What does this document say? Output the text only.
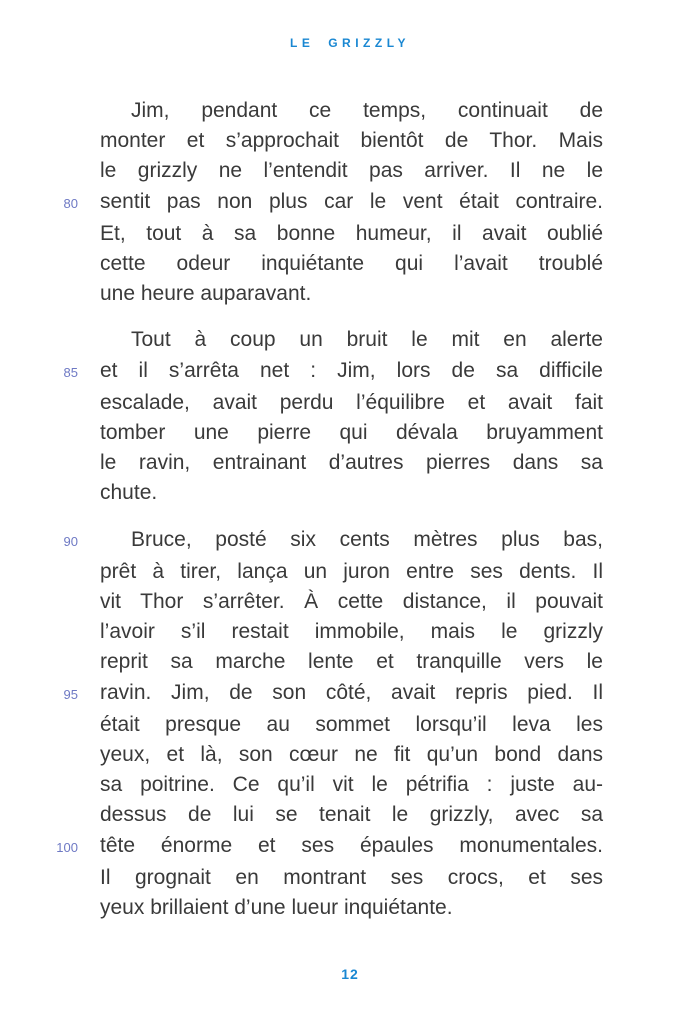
LE GRIZZLY
Jim, pendant ce temps, continuait de
monter et s’approchait bientôt de Thor. Mais
le grizzly ne l’entendit pas arriver. Il ne le
80	sentit pas non plus car le vent était contraire.
Et, tout à sa bonne humeur, il avait oublié
cette odeur inquiétante qui l’avait troublé
une heure auparavant.
Tout à coup un bruit le mit en alerte
85	et il s’arrêta net : Jim, lors de sa difficile
escalade, avait perdu l’équilibre et avait fait
tomber une pierre qui dévala bruyamment
le ravin, entrainant d’autres pierres dans sa
chute.
90	Bruce, posté six cents mètres plus bas,
prêt à tirer, lança un juron entre ses dents. Il
vit Thor s’arrêter. À cette distance, il pouvait
l’avoir s’il restait immobile, mais le grizzly
reprit sa marche lente et tranquille vers le
95	ravin. Jim, de son côté, avait repris pied. Il
était presque au sommet lorsqu’il leva les
yeux, et là, son cœur ne fit qu’un bond dans
sa poitrine. Ce qu’il vit le pétrifia : juste au-
dessus de lui se tenait le grizzly, avec sa
100	tête énorme et ses épaules monumentales.
Il grognait en montrant ses crocs, et ses
yeux brillaient d’une lueur inquiétante.
12
